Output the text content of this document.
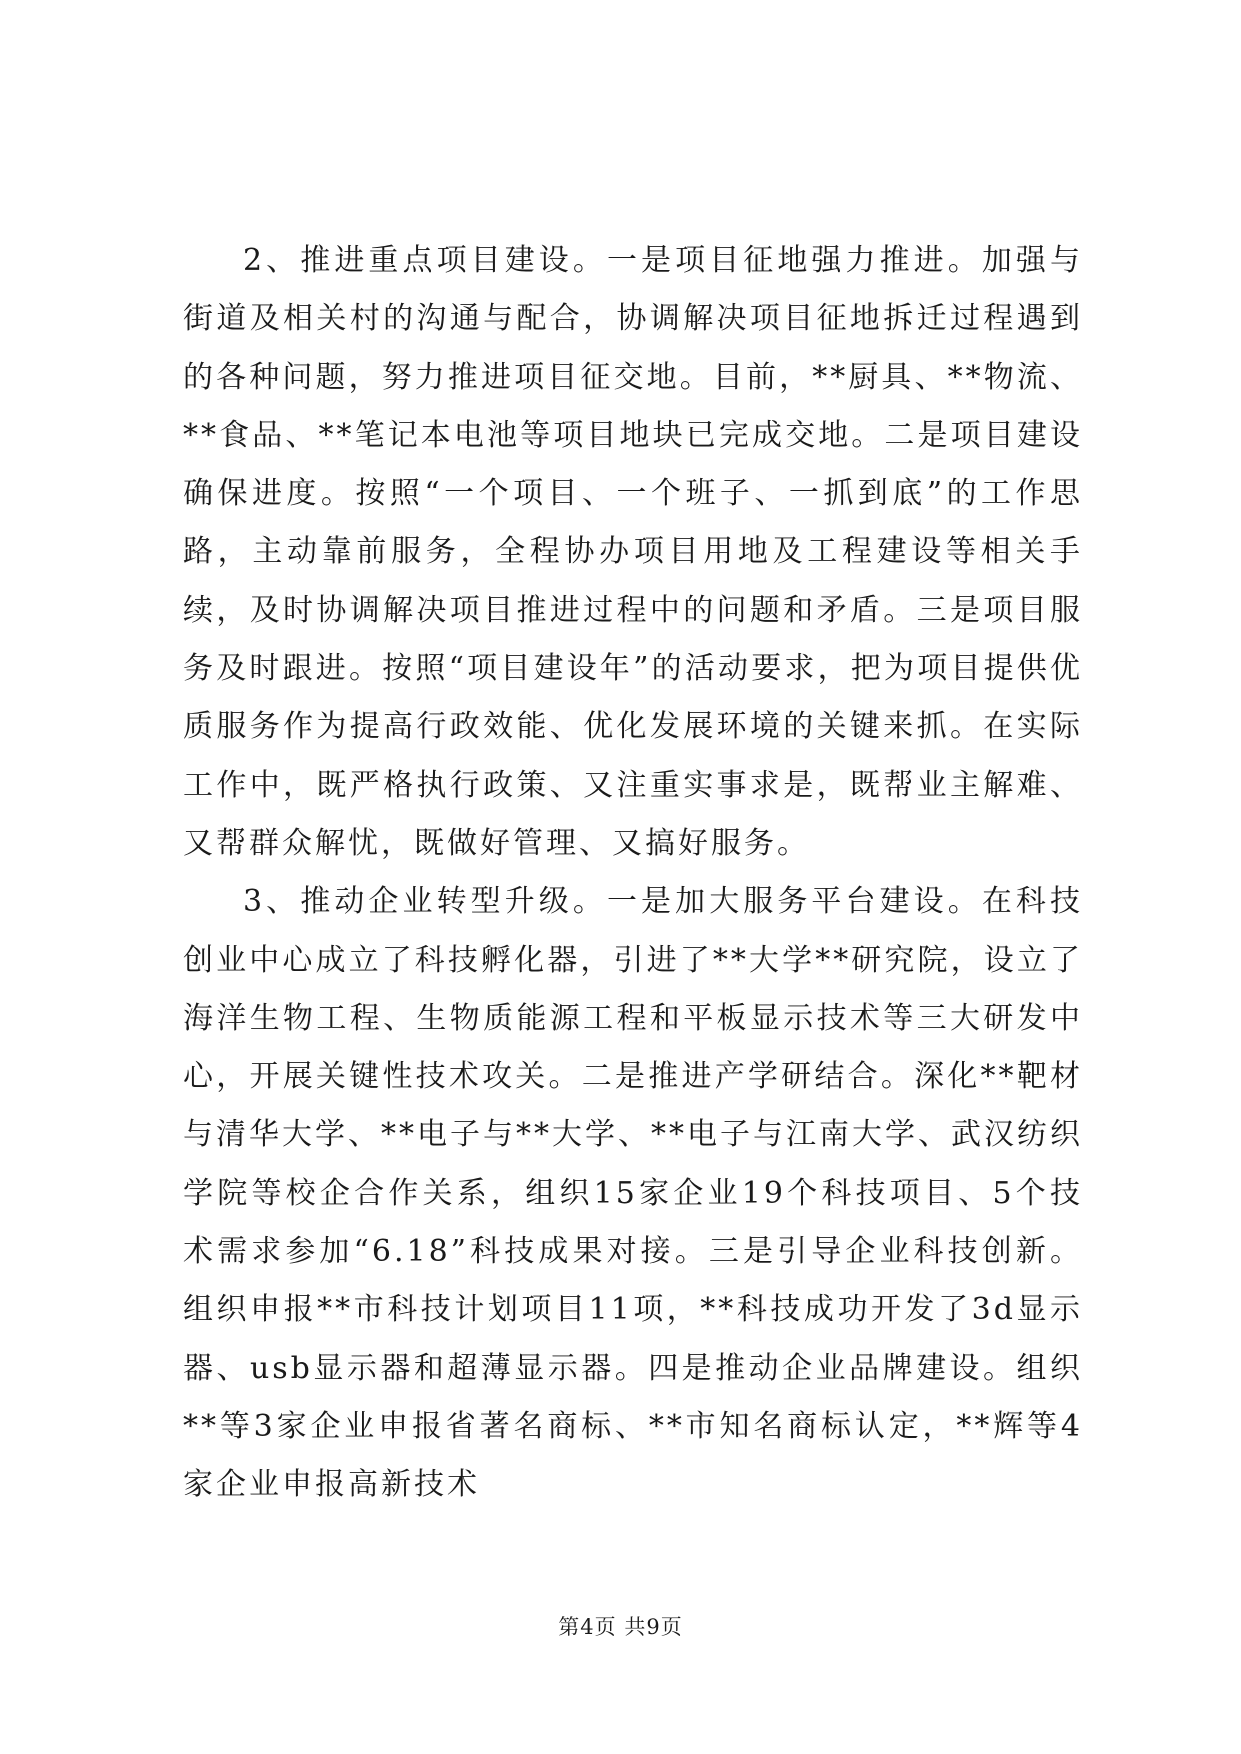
2、推进重点项目建设。一是项目征地强力推进。加强与街道及相关村的沟通与配合，协调解决项目征地拆迁过程遇到的各种问题，努力推进项目征交地。目前，**厨具、**物流、**食品、**笔记本电池等项目地块已完成交地。二是项目建设确保进度。按照“一个项目、一个班子、一抓到底”的工作思路，主动靠前服务，全程协办项目用地及工程建设等相关手续，及时协调解决项目推进过程中的问题和矛盾。三是项目服务及时跟进。按照“项目建设年”的活动要求，把为项目提供优质服务作为提高行政效能、优化发展环境的关键来抓。在实际工作中，既严格执行政策、又注重实事求是，既帮业主解难、又帮群众解忧，既做好管理、又搞好服务。

3、推动企业转型升级。一是加大服务平台建设。在科技创业中心成立了科技孵化器，引进了**大学**研究院，设立了海洋生物工程、生物质能源工程和平板显示技术等三大研发中心，开展关键性技术攻关。二是推进产学研结合。深化**靶材与清华大学、**电子与**大学、**电子与江南大学、武汉纺织学院等校企合作关系，组织15家企业19个科技项目、5个技术需求参加“6.18”科技成果对接。三是引导企业科技创新。组织申报**市科技计划项目11项，**科技成功开发了3d显示器、usb显示器和超薄显示器。四是推动企业品牌建设。组织**等3家企业申报省著名商标、**市知名商标认定，**辉等4家企业申报高新技术

第4页 共9页
